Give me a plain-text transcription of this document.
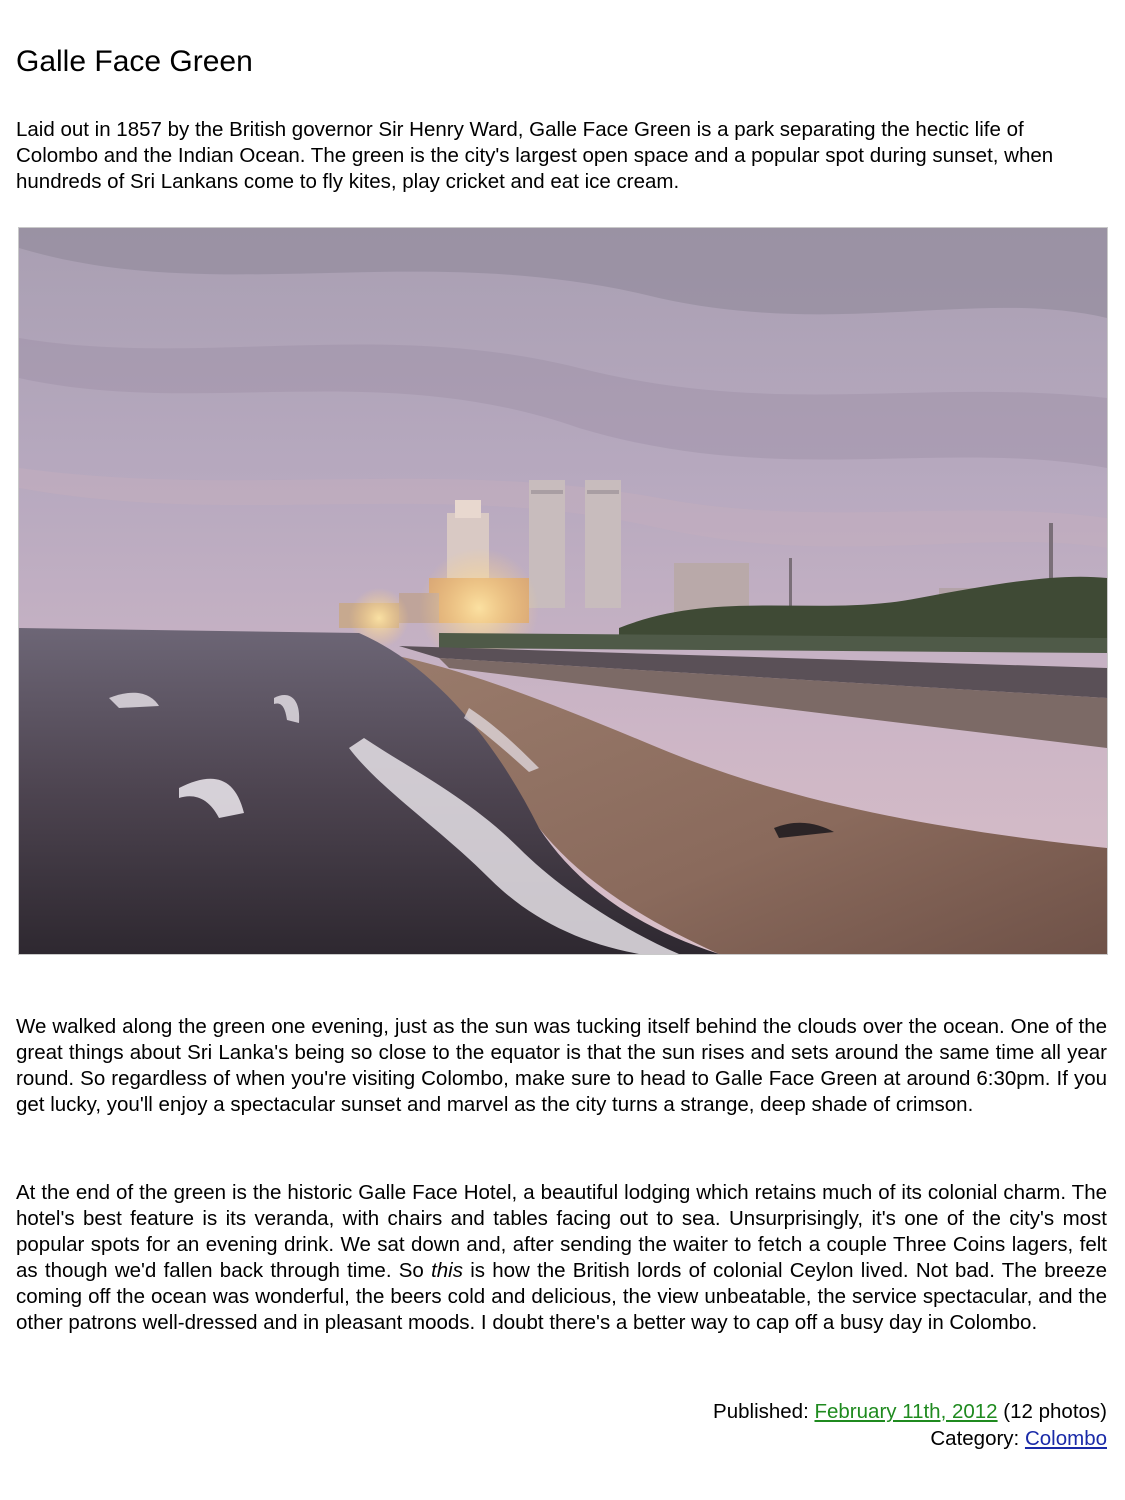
Galle Face Green

Laid out in 1857 by the British governor Sir Henry Ward, Galle Face Green is a park separating the hectic life of Colombo and the Indian Ocean. The green is the city's largest open space and a popular spot during sunset, when hundreds of Sri Lankans come to fly kites, play cricket and eat ice cream.

We walked along the green one evening, just as the sun was tucking itself behind the clouds over the ocean. One of the great things about Sri Lanka's being so close to the equator is that the sun rises and sets around the same time all year round. So regardless of when you're visiting Colombo, make sure to head to Galle Face Green at around 6:30pm. If you get lucky, you'll enjoy a spectacular sunset and marvel as the city turns a strange, deep shade of crimson.

At the end of the green is the historic Galle Face Hotel, a beautiful lodging which retains much of its colonial charm. The hotel's best feature is its veranda, with chairs and tables facing out to sea. Unsurprisingly, it's one of the city's most popular spots for an evening drink. We sat down and, after sending the waiter to fetch a couple Three Coins lagers, felt as though we'd fallen back through time. So this is how the British lords of colonial Ceylon lived. Not bad. The breeze coming off the ocean was wonderful, the beers cold and delicious, the view unbeatable, the service spectacular, and the other patrons well-dressed and in pleasant moods. I doubt there's a better way to cap off a busy day in Colombo.

Published: February 11th, 2012 (12 photos)
Category: Colombo
